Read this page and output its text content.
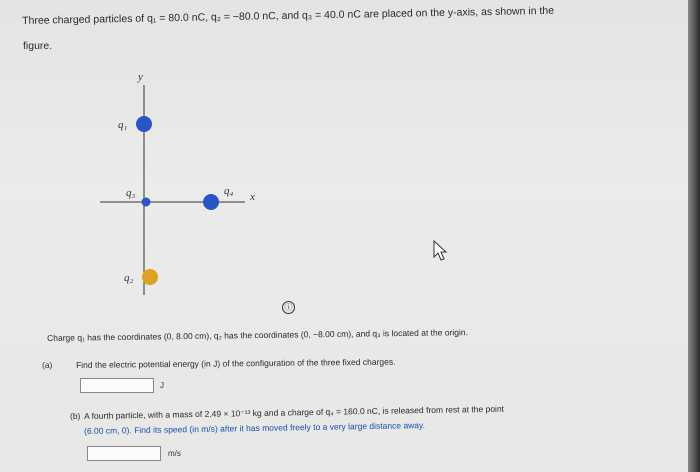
Three charged particles of q₁ = 80.0 nC, q₂ = −80.0 nC, and q₃ = 40.0 nC are placed on the y-axis, as shown in the
figure.
y
x
q₁
q₃	q₄
q₂
ⓘ
Charge q₁ has the coordinates (0, 8.00 cm), q₂ has the coordinates (0, −8.00 cm), and q₃ is located at the origin.
(a)	Find the electric potential energy (in J) of the configuration of the three fixed charges.
J
(b) A fourth particle, with a mass of 2.49 × 10⁻¹³ kg and a charge of q₄ = 160.0 nC, is released from rest at the point
(6.00 cm, 0). Find its speed (in m/s) after it has moved freely to a very large distance away.
m/s
